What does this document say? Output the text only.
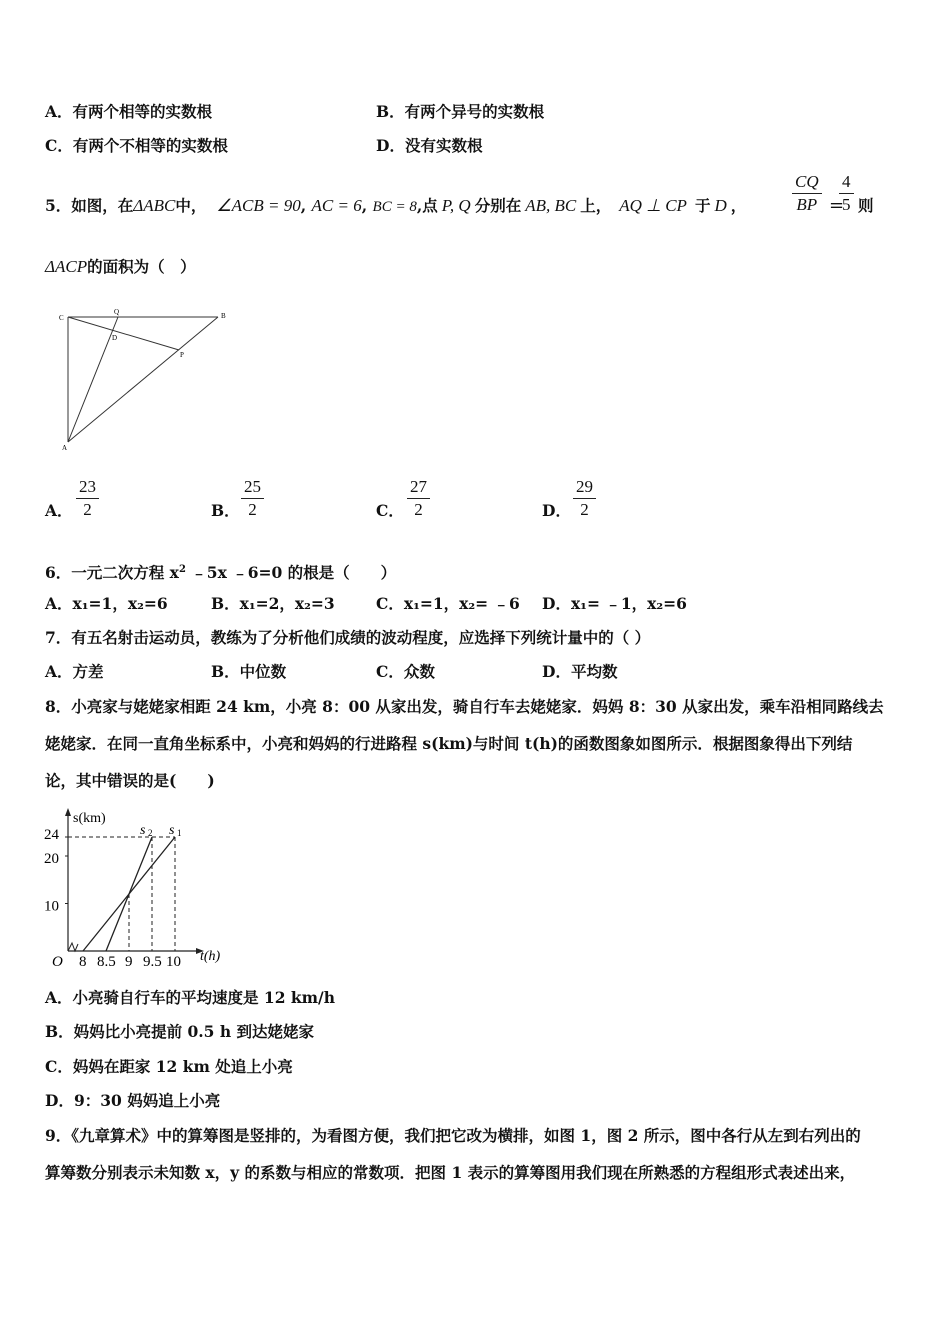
A．有两个相等的实数根	B．有两个异号的实数根
C．有两个不相等的实数根	D．没有实数根
5．如图，在ΔABC中， ∠ACB = 90, AC = 6, BC = 8,点 P, Q 分别在 AB, BC 上， AQ ⊥ CP 于 D ，	$\frac{CQ}{BP}$ =
$\frac{4}{5}$ 则
ΔACP的面积为（　）
C
Q	B
D
P
A
A． $\frac{23}{2}$	B． $\frac{25}{2}$	C． $\frac{27}{2}$	D． $\frac{29}{2}$
6．一元二次方程 $x^2$ ﹣5x ﹣6=0 的根是（　　）
A．x₁=1，x₂=6	B．x₁=2，x₂=3	C．x₁=1，x₂= ﹣6 D．x₁= ﹣1，x₂=6
7．有五名射击运动员，教练为了分析他们成绩的波动程度，应选择下列统计量中的（ ）
A．方差	B．中位数	C．众数	D．平均数
8．小亮家与姥姥家相距 24 km，小亮 8：00 从家出发，骑自行车去姥姥家．妈妈 8：30 从家出发，乘车沿相同路线去
姥姥家．在同一直角坐标系中，小亮和妈妈的行进路程 s(km)与时间 t(h)的函数图象如图所示．根据图象得出下列结
论，其中错误的是(　　)
s(km)
t(h)
O
24
20
10
8 8.5 9 9.5 10
s 1
s 2
A．小亮骑自行车的平均速度是 12 km/h
B．妈妈比小亮提前 0.5 h 到达姥姥家
C．妈妈在距家 12 km 处追上小亮
D．9：30 妈妈追上小亮
9．《九章算术》中的算筹图是竖排的，为看图方便，我们把它改为横排，如图 1，图 2 所示，图中各行从左到右列出的
算筹数分别表示未知数 x，y 的系数与相应的常数项．把图 1 表示的算筹图用我们现在所熟悉的方程组形式表述出来，
